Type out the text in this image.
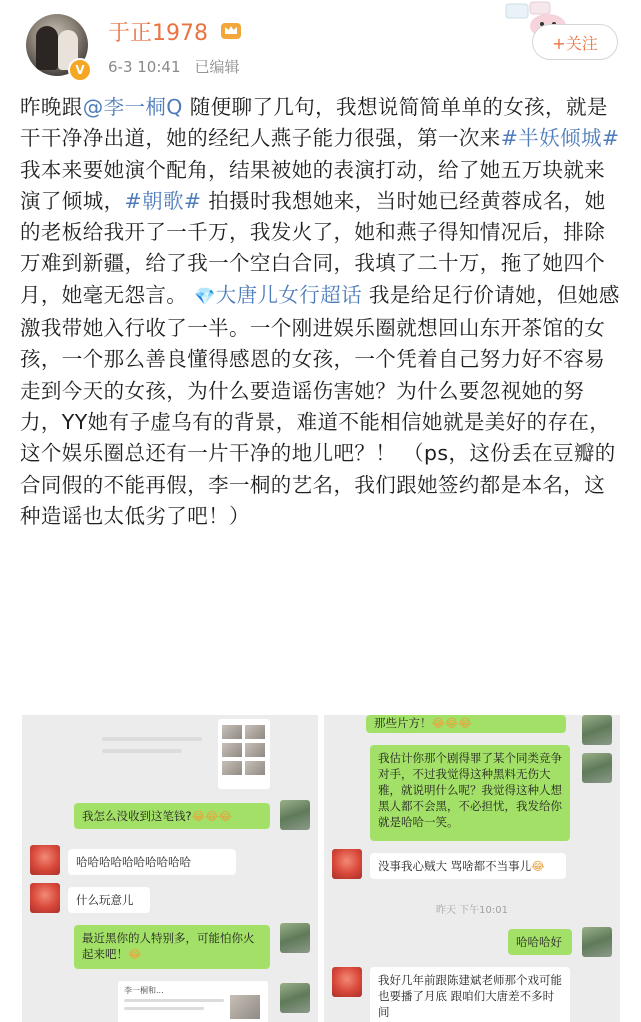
V
于正1978
6-3 10:41 已编辑
+关注
昨晚跟@李一桐Q 随便聊了几句，我想说简简单单的女孩，就是干干净净出道，她的经纪人燕子能力很强，第一次来#半妖倾城# 我本来要她演个配角，结果被她的表演打动，给了她五万块就来演了倾城，#朝歌# 拍摄时我想她来，当时她已经黄蓉成名，她的老板给我开了一千万，我发火了，她和燕子得知情况后，排除万难到新疆，给了我一个空白合同，我填了二十万，拖了她四个月，她毫无怨言。 💎大唐儿女行超话 我是给足行价请她，但她感激我带她入行收了一半。一个刚进娱乐圈就想回山东开茶馆的女孩，一个那么善良懂得感恩的女孩，一个凭着自己努力好不容易走到今天的女孩，为什么要造谣伤害她？为什么要忽视她的努力，YY她有子虚乌有的背景，难道不能相信她就是美好的存在，这个娱乐圈总还有一片干净的地儿吧？！ （ps，这份丢在豆瓣的合同假的不能再假，李一桐的艺名，我们跟她签约都是本名，这种造谣也太低劣了吧！）
我怎么没收到这笔钱?😂😂😂
哈哈哈哈哈哈哈哈哈哈
什么玩意儿
最近黑你的人特别多，可能怕你火起来吧！😂
李一桐和...
那些片方！😂😂😂
我估计你那个剧得罪了某个同类竞争对手，不过我觉得这种黑料无伤大雅，就说明什么呢？我觉得这种人想黑人都不会黑，不必担忧，我发给你就是哈哈一笑。
没事我心贼大 骂啥都不当事儿😂
昨天 下午10:01
哈哈哈好
我好几年前跟陈建斌老师那个戏可能也要播了月底 跟咱们大唐差不多时间
